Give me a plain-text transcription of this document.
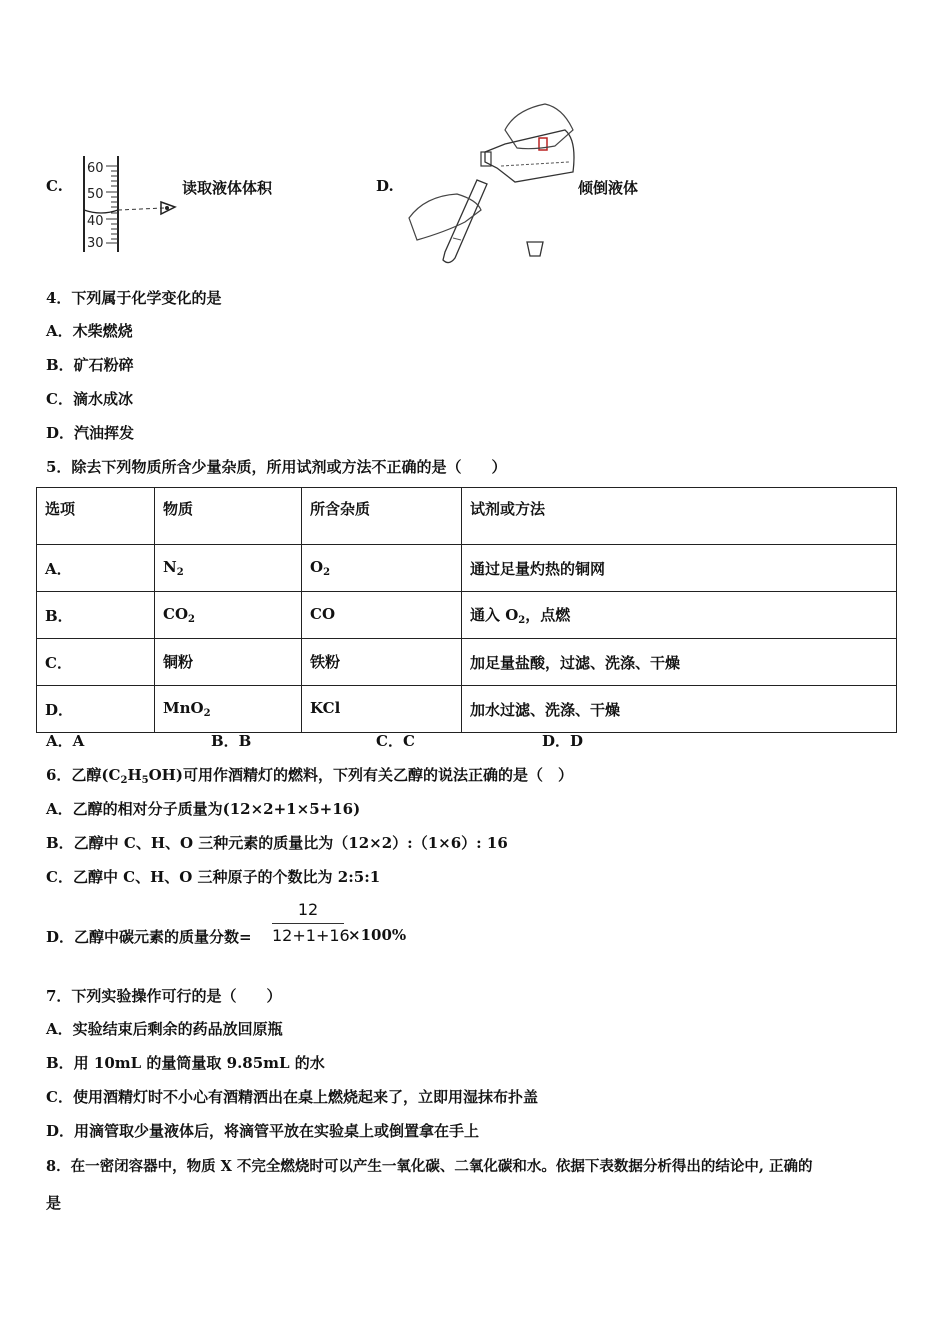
C.
60
50
40
30
读取液体体积	D.	倾倒液体
4．下列属于化学变化的是
A．木柴燃烧
B．矿石粉碎
C．滴水成冰
D．汽油挥发
5．除去下列物质所含少量杂质，所用试剂或方法不正确的是（　　）
选项	物质	所含杂质	试剂或方法
A．	$N_2$	$O_2$	通过足量灼热的铜网
B．	$CO_2$	CO	通入 $O_2$，点燃
C．	铜粉	铁粉	加足量盐酸，过滤、洗涤、干燥
D．	MnO$_2$	KCl	加水过滤、洗涤、干燥
A．A	B．B	C．C	D．D
6．乙醇$(C_2H_5OH)$可用作酒精灯的燃料，下列有关乙醇的说法正确的是（　）
A．乙醇的相对分子质量为(12×2+1×5+16)
B．乙醇中 C、H、O 三种元素的质量比为（12×2）:（1×6）: 16
C．乙醇中 C、H、O 三种原子的个数比为 2:5:1
D．乙醇中碳元素的质量分数=
12
12+1+16
×100%
7．下列实验操作可行的是（　　）
A．实验结束后剩余的药品放回原瓶
B．用 10mL 的量筒量取 9.85mL 的水
C．使用酒精灯时不小心有酒精洒出在桌上燃烧起来了，立即用湿抹布扑盖
D．用滴管取少量液体后，将滴管平放在实验桌上或倒置拿在手上
8．在一密闭容器中，物质 X 不完全燃烧时可以产生一氧化碳、二氧化碳和水。依据下表数据分析得出的结论中, 正确的
是
